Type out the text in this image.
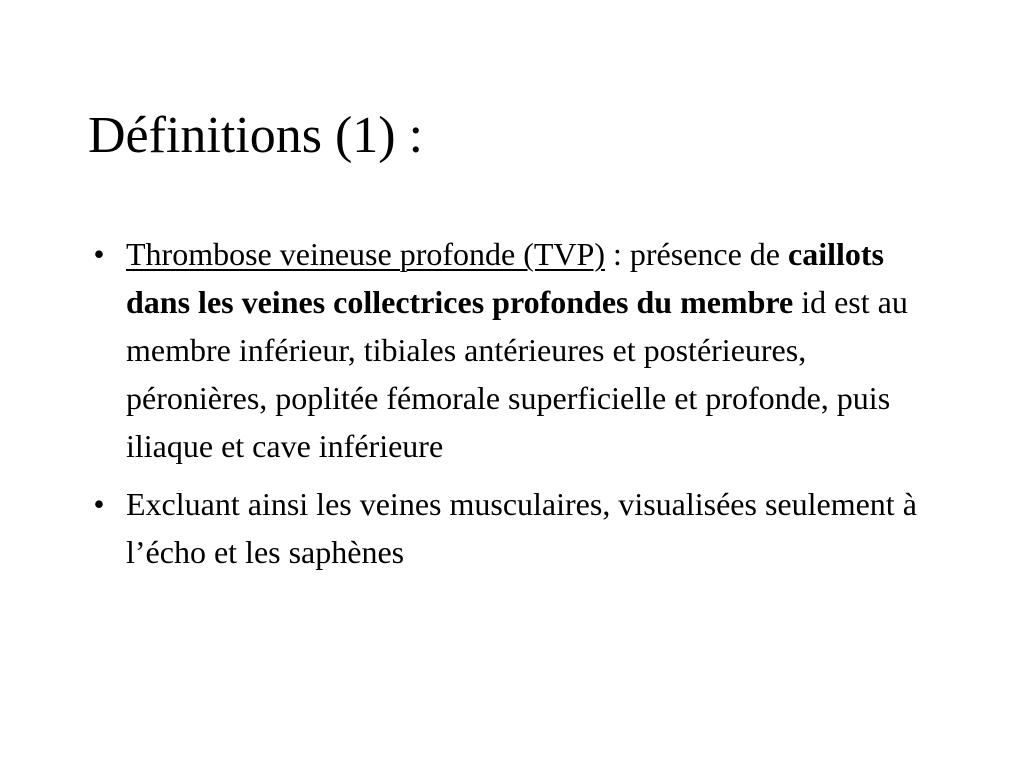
Définitions (1) :
• Thrombose veineuse profonde (TVP) : présence de caillots dans les veines collectrices profondes du membre id est au membre inférieur, tibiales antérieures et postérieures, péronières, poplitée fémorale superficielle et profonde, puis iliaque et cave inférieure
• Excluant ainsi les veines musculaires, visualisées seulement à l’écho et les saphènes
